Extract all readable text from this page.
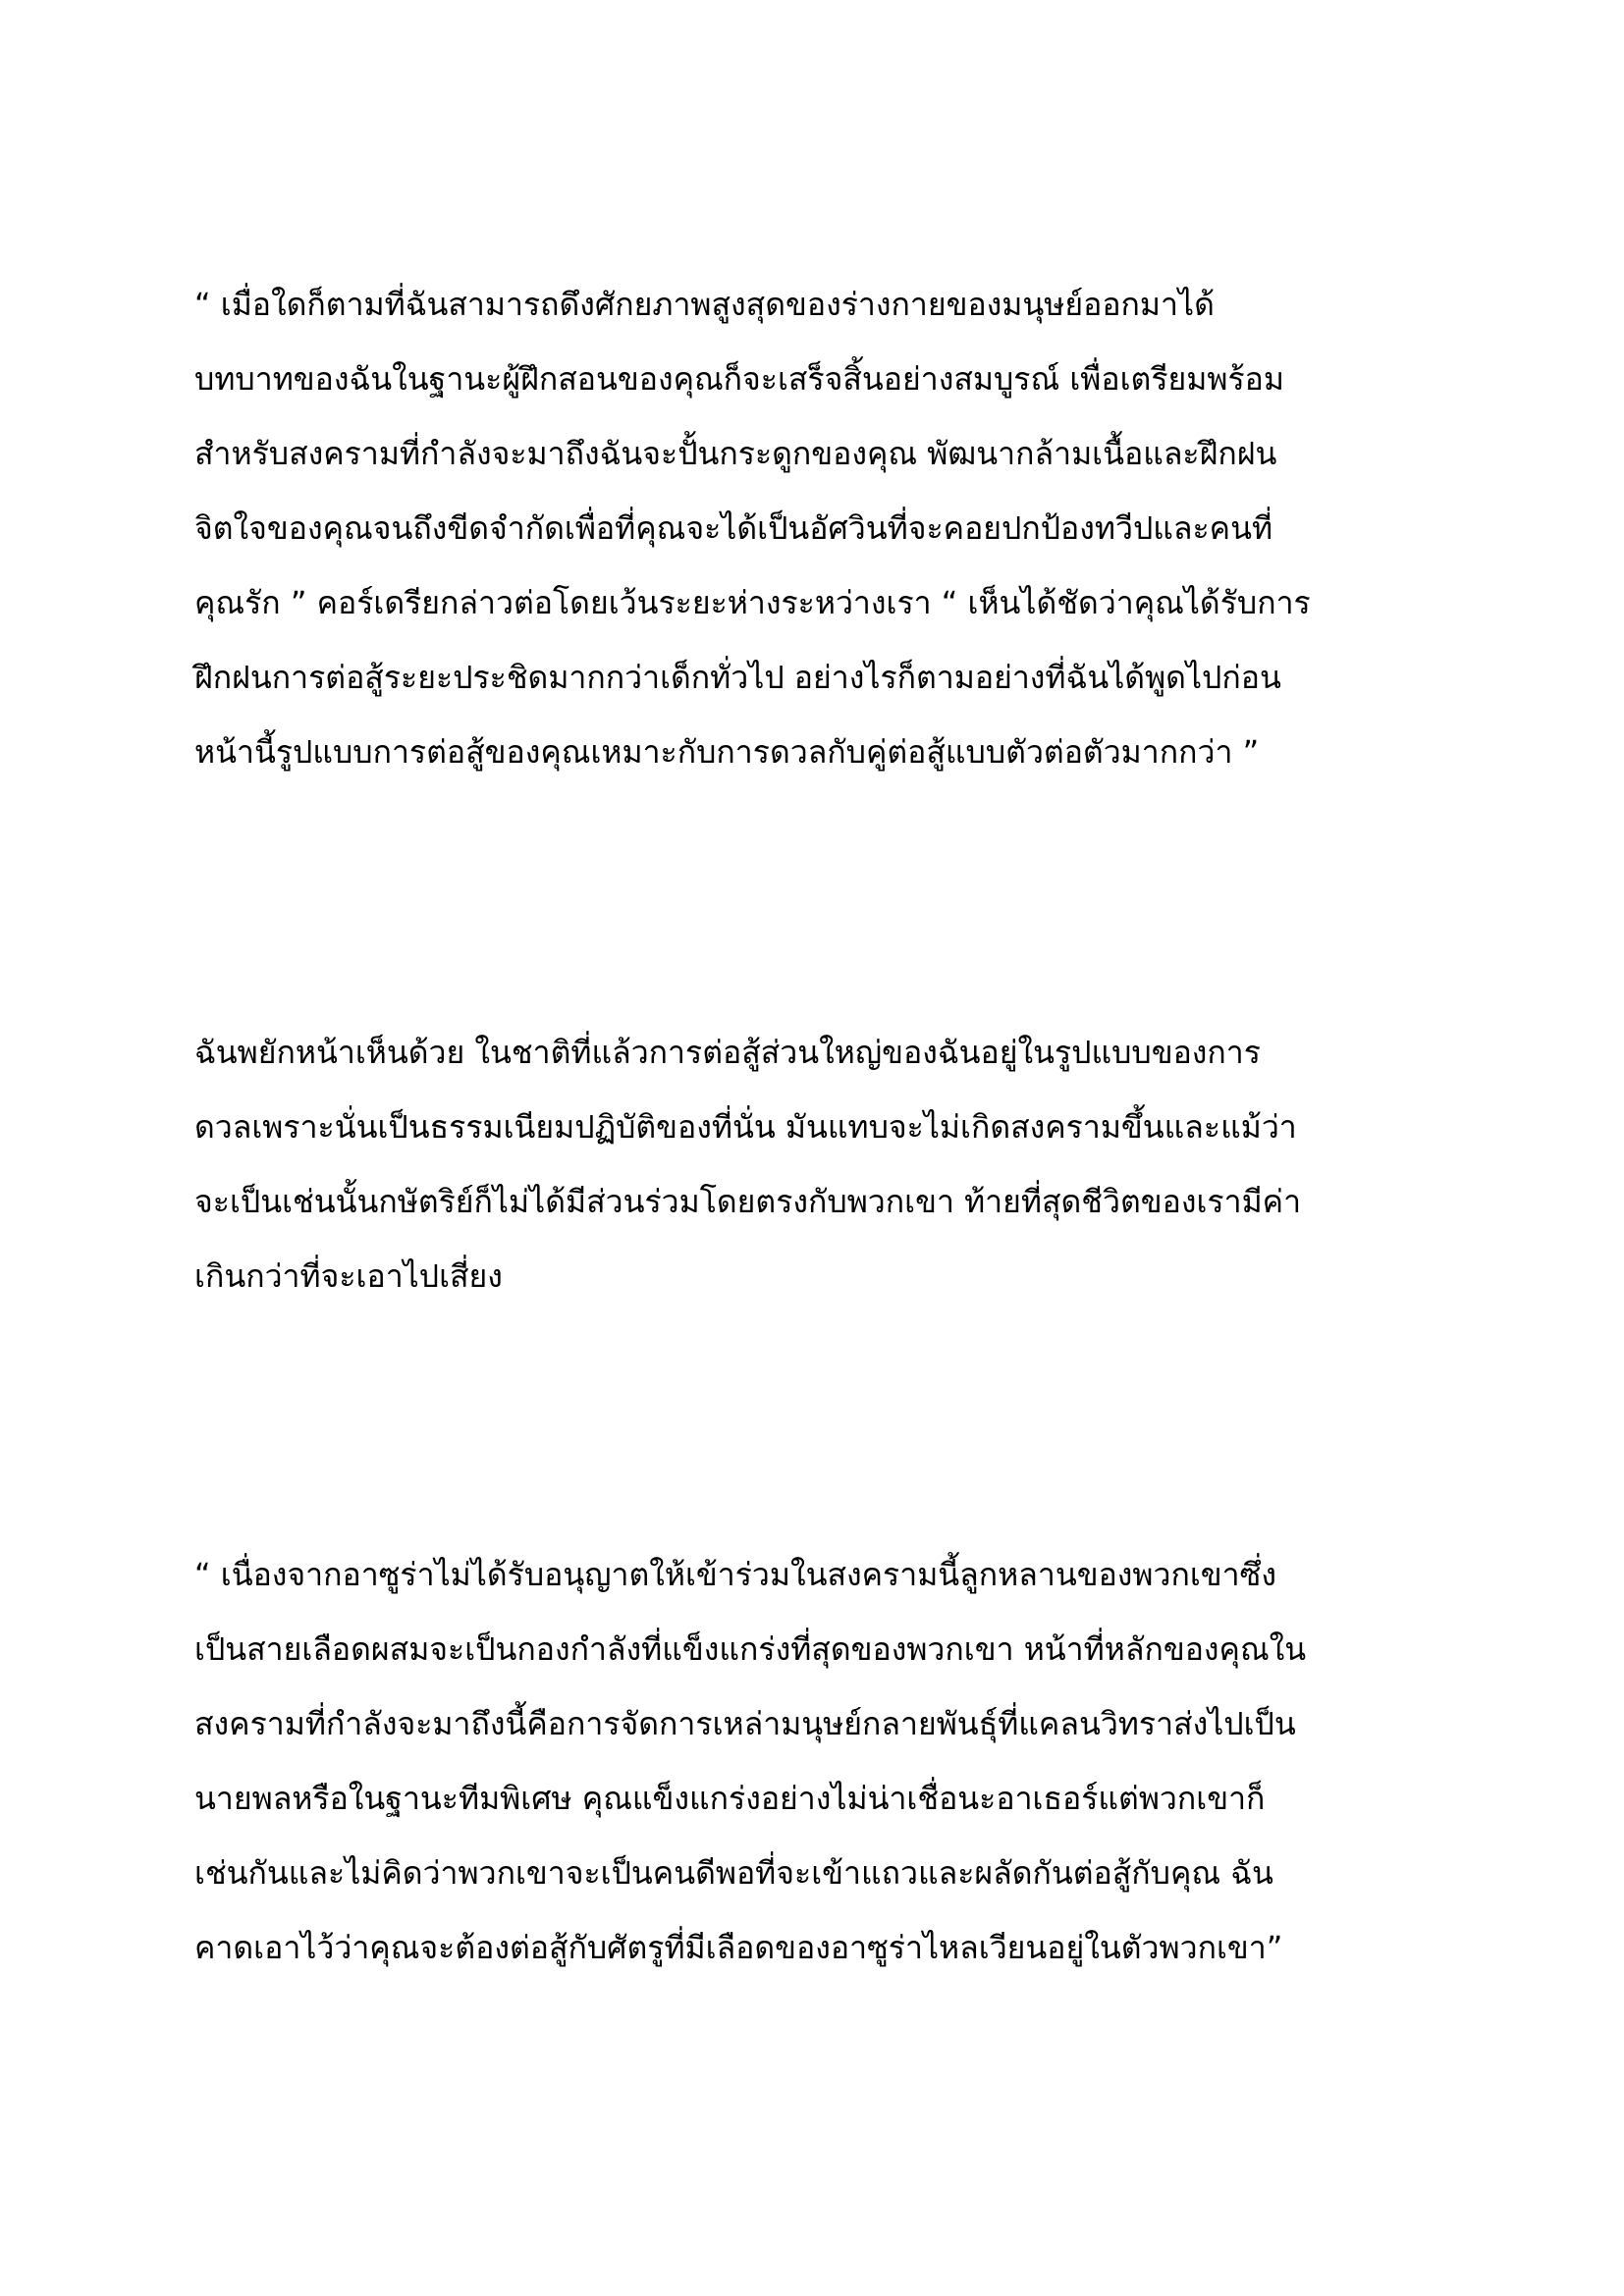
“ เมื่อใดก็ตามที่ฉันสามารถดึงศักยภาพสูงสุดของร่างกายของมนุษย์ออกมาได้
บทบาทของฉันในฐานะผู้ฝึกสอนของคุณก็จะเสร็จสิ้นอย่างสมบูรณ์ เพื่อเตรียมพร้อม
สำหรับสงครามที่กำลังจะมาถึงฉันจะปั้นกระดูกของคุณ พัฒนากล้ามเนื้อและฝึกฝน
จิตใจของคุณจนถึงขีดจำกัดเพื่อที่คุณจะได้เป็นอัศวินที่จะคอยปกป้องทวีปและคนที่
คุณรัก ” คอร์เดรียกล่าวต่อโดยเว้นระยะห่างระหว่างเรา “ เห็นได้ชัดว่าคุณได้รับการ
ฝึกฝนการต่อสู้ระยะประชิดมากกว่าเด็กทั่วไป อย่างไรก็ตามอย่างที่ฉันได้พูดไปก่อน
หน้านี้รูปแบบการต่อสู้ของคุณเหมาะกับการดวลกับคู่ต่อสู้แบบตัวต่อตัวมากกว่า ”
ฉันพยักหน้าเห็นด้วย ในชาติที่แล้วการต่อสู้ส่วนใหญ่ของฉันอยู่ในรูปแบบของการ
ดวลเพราะนั่นเป็นธรรมเนียมปฏิบัติของที่นั่น มันแทบจะไม่เกิดสงครามขึ้นและแม้ว่า
จะเป็นเช่นนั้นกษัตริย์ก็ไม่ได้มีส่วนร่วมโดยตรงกับพวกเขา ท้ายที่สุดชีวิตของเรามีค่า
เกินกว่าที่จะเอาไปเสี่ยง
“ เนื่องจากอาซูร่าไม่ได้รับอนุญาตให้เข้าร่วมในสงครามนี้ลูกหลานของพวกเขาซึ่ง
เป็นสายเลือดผสมจะเป็นกองกำลังที่แข็งแกร่งที่สุดของพวกเขา หน้าที่หลักของคุณใน
สงครามที่กำลังจะมาถึงนี้คือการจัดการเหล่ามนุษย์กลายพันธุ์ที่แคลนวิทราส่งไปเป็น
นายพลหรือในฐานะทีมพิเศษ คุณแข็งแกร่งอย่างไม่น่าเชื่อนะอาเธอร์แต่พวกเขาก็
เช่นกันและไม่คิดว่าพวกเขาจะเป็นคนดีพอที่จะเข้าแถวและผลัดกันต่อสู้กับคุณ ฉัน
คาดเอาไว้ว่าคุณจะต้องต่อสู้กับศัตรูที่มีเลือดของอาซูร่าไหลเวียนอยู่ในตัวพวกเขา”
